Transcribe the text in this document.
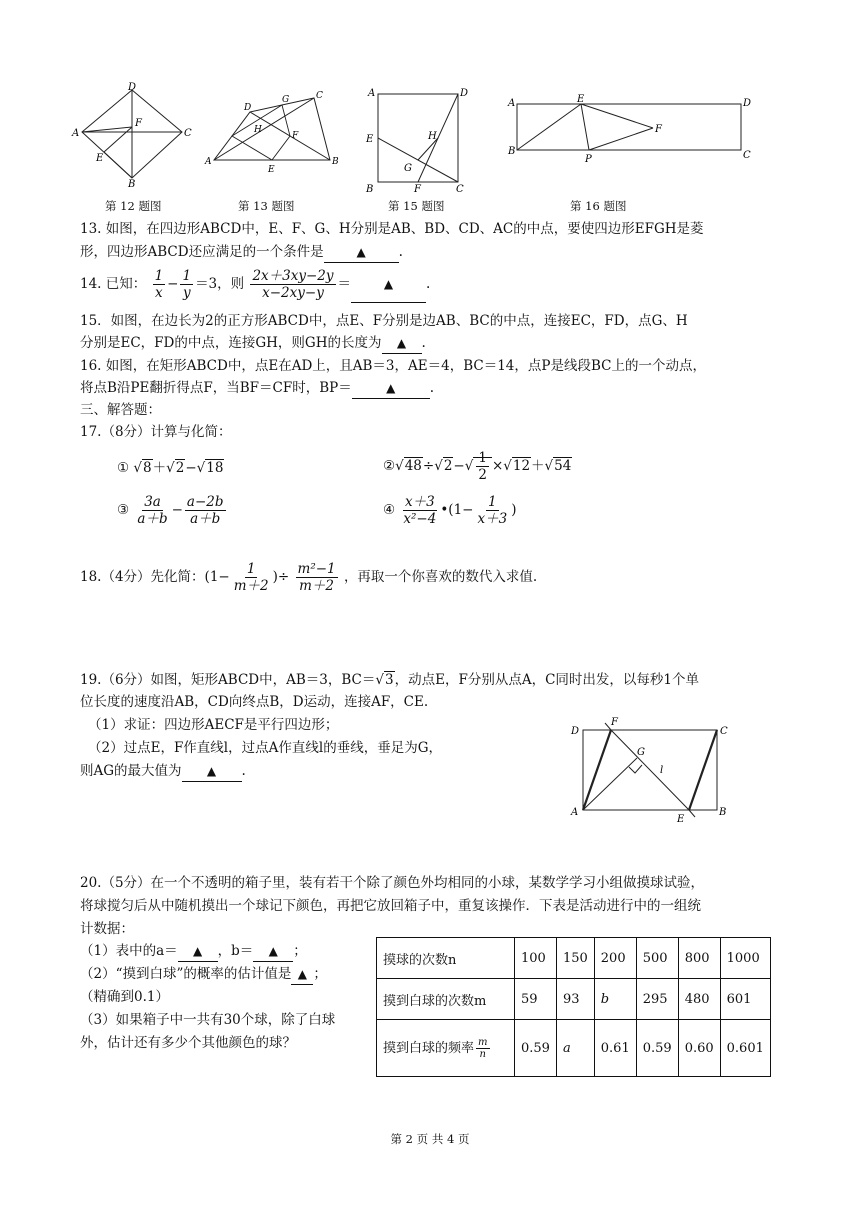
D
A
F
C
E
B
第 12 题图
D
G	C
H
F
A
E
B
第 13 题图
A	D
E	H
G
B	F	C
第 15 题图
A	E	D
F
B
P	C
第 16 题图
13. 如图，在四边形ABCD中，E、F、G、H分别是AB、BD、CD、AC的中点，要使四边形EFGH是菱
形，四边形ABCD还应满足的一个条件是	▲ .
14. 已知： $\frac{1}{x} - \frac{1}{y} =3$，则 $\frac{2x+3xy-2y}{x-2xy-y}$ ＝	▲ .
15．如图，在边长为2的正方形ABCD中，点E、F分别是边AB、BC的中点，连接EC，FD，点G、H
分别是EC，FD的中点，连接GH，则GH的长度为 ▲ .
16. 如图，在矩形ABCD中，点E在AD上，且AB＝3，AE＝4，BC＝14，点P是线段BC上的一个动点，
将点B沿PE翻折得点F，当BF＝CF时，BP＝	▲	.
三、解答题：
17.（8分）计算与化简：
① √8＋√2−√18	②√48÷√2−√ $\frac{1}{2} \times√12+√54$
③ $\frac{3a}{a+b} - \frac{a-2b}{a+b}$	④ $\frac{x+3}{\text{x²−4}}$ •(1− $\frac{1}{x+3}$ )
18.（4分）先化简：($1- \frac{1}{m+2}$ )÷ $\frac{\text{m²−1}}{m+2}$ ，再取一个你喜欢的数代入求值.
19.（6分）如图，矩形ABCD中，AB＝3，BC＝√3，动点E，F分别从点A，C同时出发，以每秒1个单
位长度的速度沿AB，CD向终点B，D运动，连接AF，CE.
（1）求证：四边形AECF是平行四边形；
（2）过点E，F作直线l，过点A作直线l的垂线，垂足为G，
则AG的最大值为 ▲ .
D
F
C
G
l
A
E
B
20.（5分）在一个不透明的箱子里，装有若干个除了颜色外均相同的小球，某数学学习小组做摸球试验，
将球搅匀后从中随机摸出一个球记下颜色，再把它放回箱子中，重复该操作．下表是活动进行中的一组统
计数据：
（1）表中的a＝ ▲ ，b＝ ▲ ；
（2）“摸到白球”的概率的估计值是 ▲ ；
（精确到0.1）
（3）如果箱子中一共有30个球，除了白球
外，估计还有多少个其他颜色的球？
摸球的次数n	100	150	200	500	800	1000
摸到白球的次数m	59	93	b	295	480	601
摸到白球的频率 $\frac{m}{n}$	0.59	a	0.61	0.59	0.60	0.601
第 2 页 共 4 页
